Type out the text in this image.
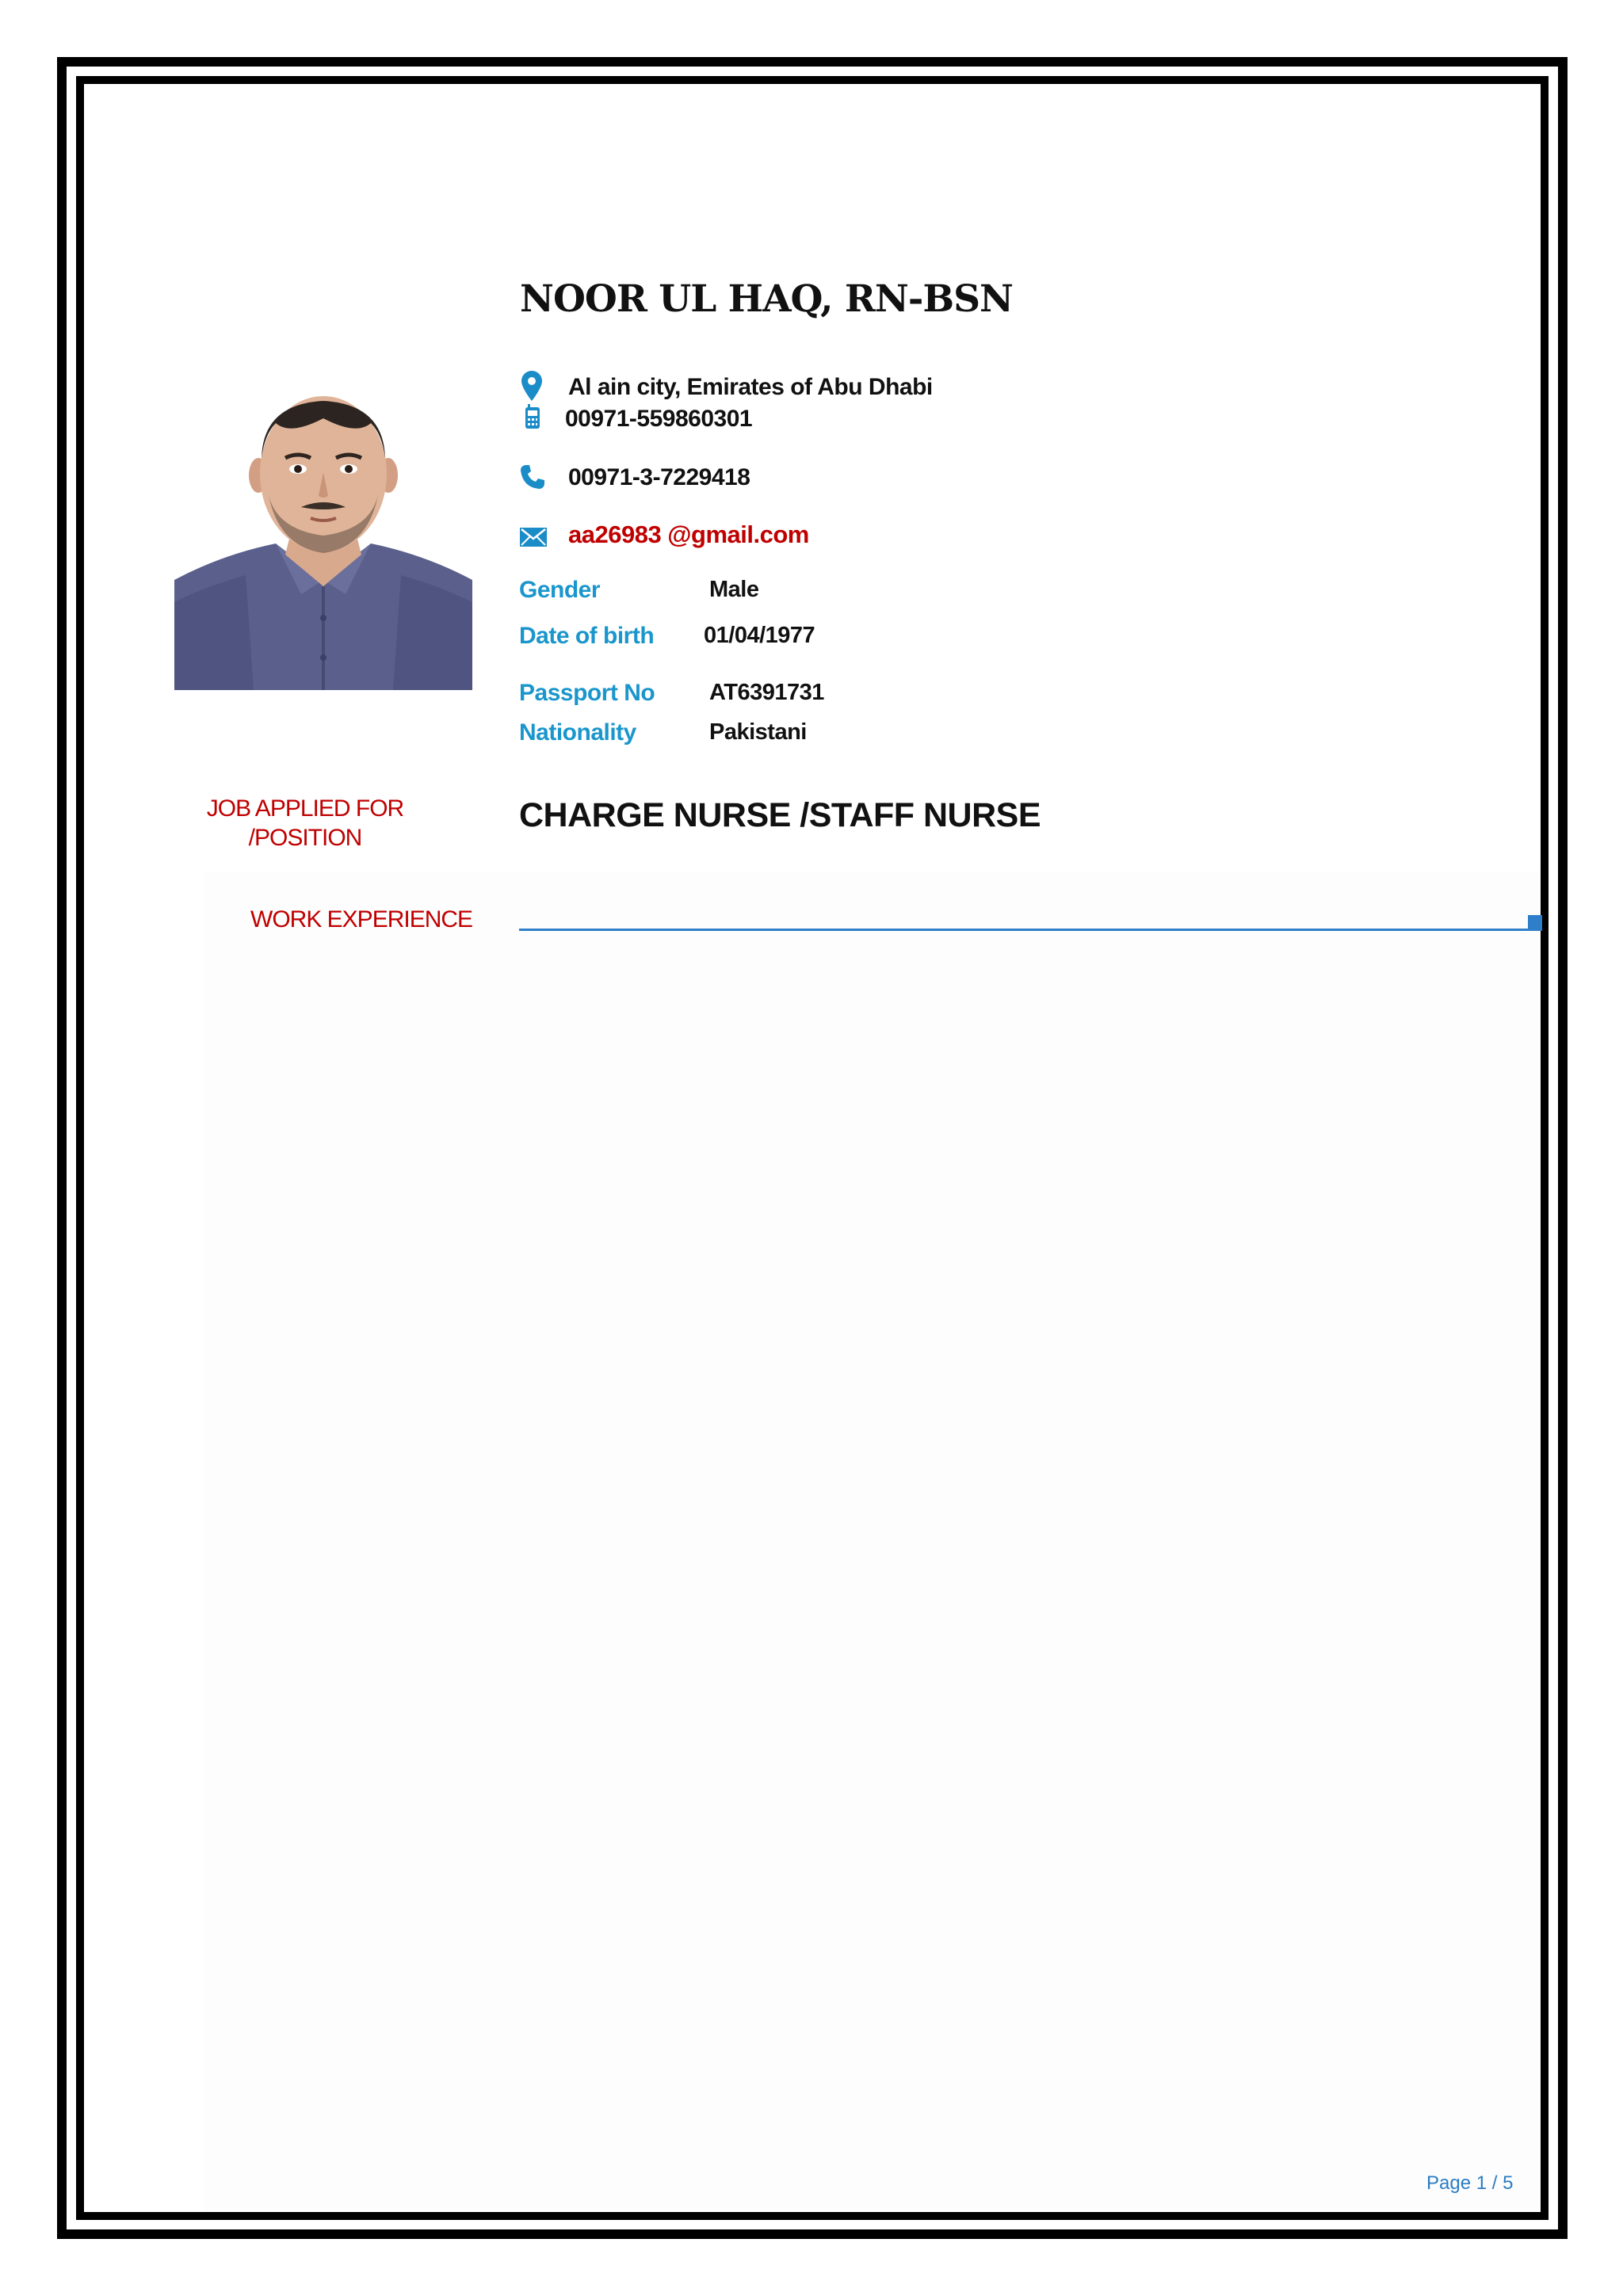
NOOR UL HAQ, RN-BSN
Al ain city, Emirates of Abu Dhabi
00971-559860301
00971-3-7229418
aa26983 @gmail.com
Gender	Male
Date of birth 01/04/1977
Passport No AT6391731
Nationality	Pakistani
JOB APPLIED FOR
/POSITION
CHARGE NURSE /STAFF NURSE
WORK EXPERIENCE
Page 1 / 5
